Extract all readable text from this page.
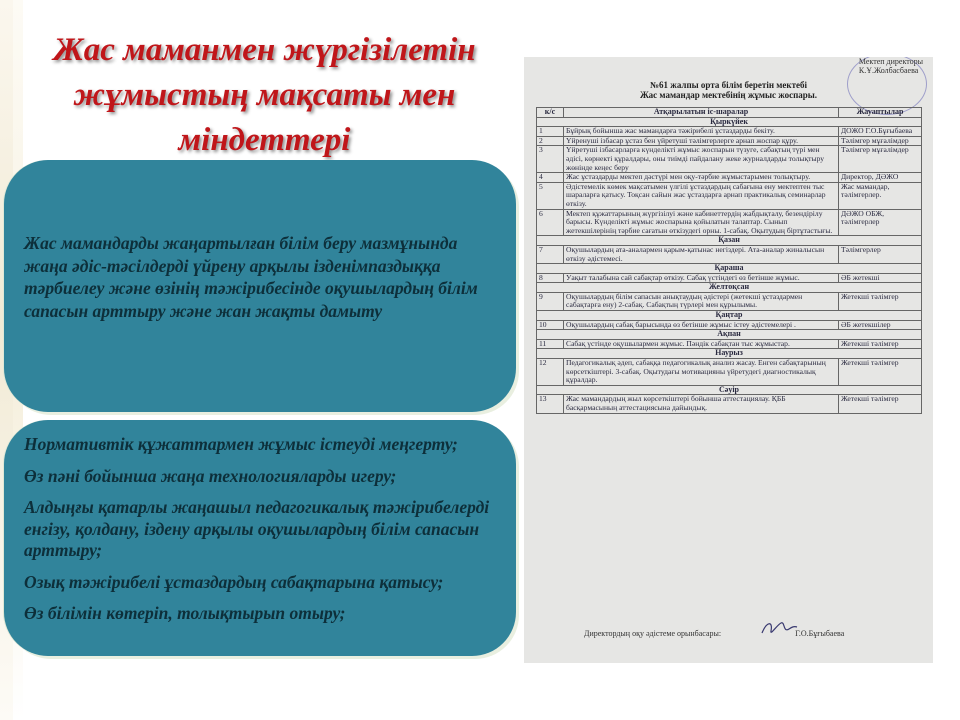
Жас маманмен жүргізілетін
жұмыстың мақсаты мен
міндеттері
Жас мамандарды жаңартылған білім беру мазмұнында жаңа әдіс-тәсілдерді үйрену арқылы ізденімпаздыққа тәрбиелеу және өзінің тәжірибесінде оқушылардың білім сапасын арттыру және жан жақты дамыту
Нормативтік құжаттармен жұмыс істеуді меңгерту;
Өз пәні бойынша жаңа технологияларды игеру;
Алдыңғы қатарлы жаңашыл педагогикалық тәжірибелерді енгізу, қолдану, іздену арқылы оқушылардың білім сапасын арттыру;
Озық тәжірибелі ұстаздардың сабақтарына қатысу;
Өз білімін көтеріп, толықтырып отыру;
Мектеп директоры
К.Ұ.Жолбасбаева
№61 жалпы орта білім беретін мектебі
Жас мамандар мектебінің жұмыс жоспары.
к/с	Атқарылатын іс-шаралар	Жауаптылар
Қыркүйек		
1	Бұйрық бойынша жас мамандарға тәжірибелі ұстаздарды бекіту.	ДОЖО Г.О.Бұғыбаева
2	Үйренуші ізбасар ұстаз бен үйретуші тәлімгерлерге арнап жоспар құру.	Тәлімгер мұғалімдер
3	Үйретуші ізбасарларға күнделікті жұмыс жоспарын түзуге, сабақтың түрі мен әдісі, көрнекті құралдары, оны тиімді пайдалану жеке журналдарды толықтыру жөнінде кеңес беру	Тәлімгер мұғалімдер
4	Жас ұстаздарды мектеп дәстүрі мен оқу-тәрбие жұмыстарымен толықтыру.	Директор, ДӘЖО
5	Әдістемелік көмек мақсатымен үлгілі ұстаздардың сабағына ену мектептен тыс шараларға қатысу. Тоқсан сайын жас ұстаздарға арнап практикалық семинарлар өткізу.	Жас мамандар, тәлімгерлер.
6	Мектеп құжаттарының жүргізілуі және кабинеттердің жабдықталу, безендірілу барысы. Күнделікті жұмыс жоспарына қойылатын талаптар. Сынып жетекшілерінің тәрбие сағатын өткізудегі орны. 1-сабақ. Оқытудың біртұтастығы.	ДӘЖО ОБЖ, тәлімгерлер
Қазан		
7	Оқушылардың ата-аналармен қарым-қатынас негіздері. Ата-аналар жиналысын өткізу әдістемесі.	Тәлімгерлер
Қараша		
8	Уақыт талабына сай сабақтар өткізу. Сабақ үстіндегі өз бетінше жұмыс.	ӘБ жетекші
Желтоқсан		
9	Оқушылардың білім сапасын анықтаудың әдістері (жетекші ұстаздармен сабақтарға ену) 2-сабақ. Сабақтың түрлері мен құрылымы.	Жетекші тәлімгер
Қаңтар		
10	Оқушылардың сабақ барысында өз бетінше жұмыс істеу әдістемелері .	ӘБ жетекшілер
Ақпан		
11	Сабақ үстінде оқушылармен жұмыс. Пәндік сабақтан тыс жұмыстар.	Жетекші тәлімгер
Наурыз		
12	Педагогикалық әдеп, сабаққа педагогикалық анализ жасау. Енген сабақтарының көрсеткіштері. 3-сабақ. Оқытудағы мотивацияны үйретудегі диагностикалық құралдар.	Жетекші тәлімгер
Сәуір		
13	Жас мамандардың жыл көрсеткіштері бойынша аттестациялау. ҚББ басқармасының аттестациясына дайындық.	Жетекші тәлімгер
Директордың оқу әдістеме орынбасары:	Г.О.Бұғыбаева
